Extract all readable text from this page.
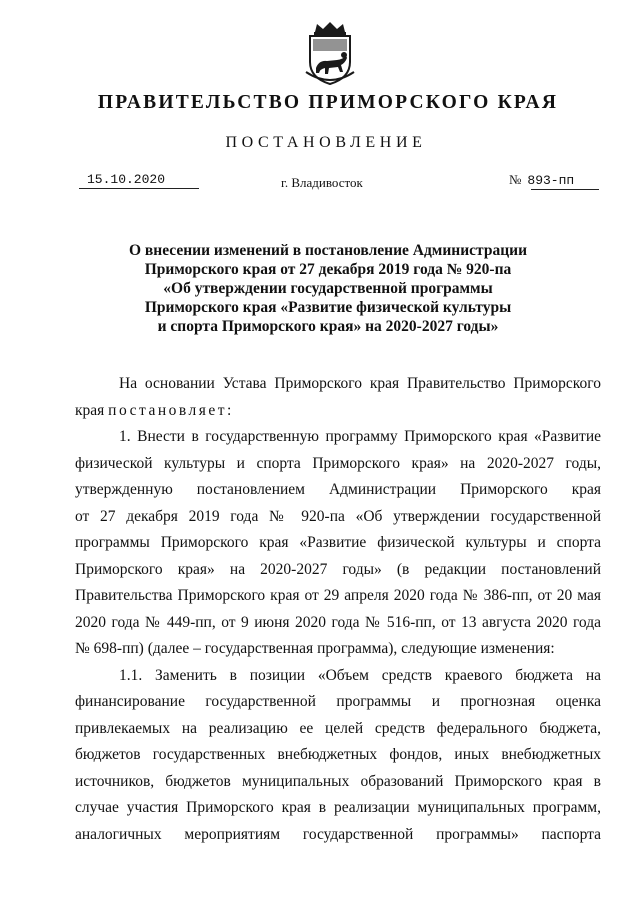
ПРАВИТЕЛЬСТВО ПРИМОРСКОГО КРАЯ
ПОСТАНОВЛЕНИЕ
15.10.2020	г. Владивосток	№ 893-пп
О внесении изменений в постановление Администрации
Приморского края от 27 декабря 2019 года № 920-па
«Об утверждении государственной программы
Приморского края «Развитие физической культуры
и спорта Приморского края» на 2020-2027 годы»
На основании Устава Приморского края Правительство Приморского
края постановляет:
1. Внести в государственную программу Приморского края «Развитие
физической культуры и спорта Приморского края» на 2020-2027 годы,
утвержденную постановлением Администрации Приморского края
от 27 декабря 2019 года № 920-па «Об утверждении государственной
программы Приморского края «Развитие физической культуры и спорта
Приморского края» на 2020-2027 годы» (в редакции постановлений
Правительства Приморского края от 29 апреля 2020 года № 386-пп, от 20 мая
2020 года № 449-пп, от 9 июня 2020 года № 516-пп, от 13 августа 2020 года
№ 698-пп) (далее – государственная программа), следующие изменения:
1.1. Заменить в позиции «Объем средств краевого бюджета на
финансирование государственной программы и прогнозная оценка
привлекаемых на реализацию ее целей средств федерального бюджета,
бюджетов государственных внебюджетных фондов, иных внебюджетных
источников, бюджетов муниципальных образований Приморского края в
случае участия Приморского края в реализации муниципальных программ,
аналогичных мероприятиям государственной программы» паспорта
